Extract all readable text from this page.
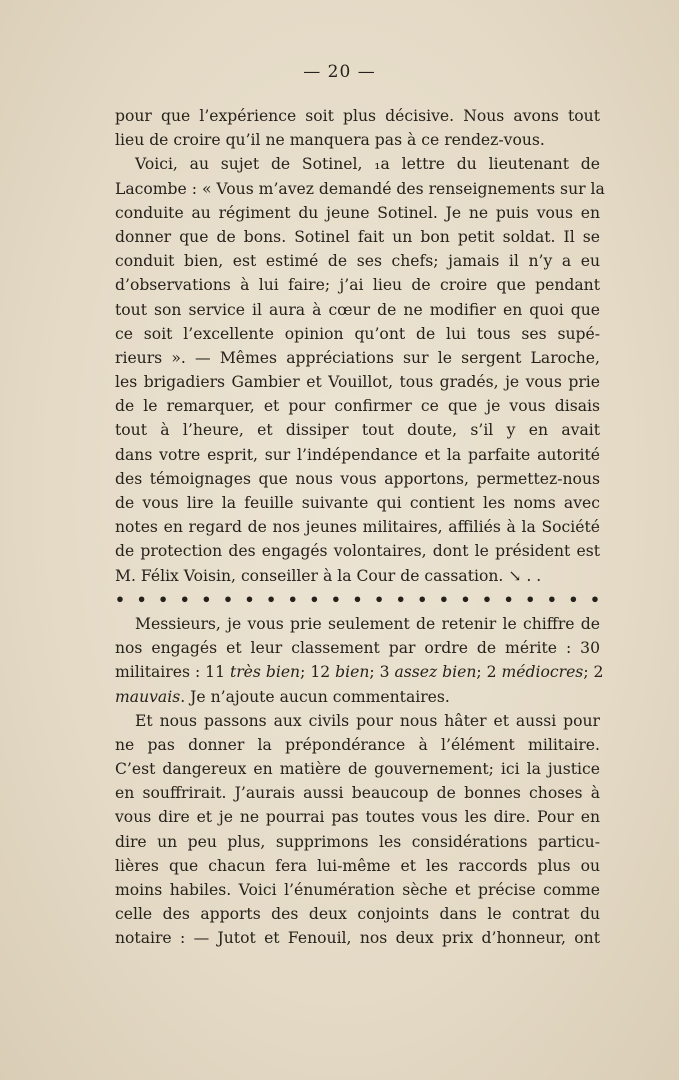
— 20 —
pour que l’expérience soit plus décisive. Nous avons tout
lieu de croire qu’il ne manquera pas à ce rendez-vous.
Voici, au sujet de Sotinel, ₁a lettre du lieutenant de
Lacombe : « Vous m’avez demandé des renseignements sur la
conduite au régiment du jeune Sotinel. Je ne puis vous en
donner que de bons. Sotinel fait un bon petit soldat. Il se
conduit bien, est estimé de ses chefs; jamais il n’y a eu
d’observations à lui faire; j’ai lieu de croire que pendant
tout son service il aura à cœur de ne modifier en quoi que
ce soit l’excellente opinion qu’ont de lui tous ses supé-
rieurs ». — Mêmes appréciations sur le sergent Laroche,
les brigadiers Gambier et Vouillot, tous gradés, je vous prie
de le remarquer, et pour confirmer ce que je vous disais
tout à l’heure, et dissiper tout doute, s’il y en avait
dans votre esprit, sur l’indépendance et la parfaite autorité
des témoignages que nous vous apportons, permettez-nous
de vous lire la feuille suivante qui contient les noms avec
notes en regard de nos jeunes militaires, affiliés à la Société
de protection des engagés volontaires, dont le président est
M. Félix Voisin, conseiller à la Cour de cassation. ↘ . .
• • • • • • • • • • • • • • • • • • • • • • •
Messieurs, je vous prie seulement de retenir le chiffre de
nos engagés et leur classement par ordre de mérite : 30
militaires : 11 très bien; 12 bien; 3 assez bien; 2 médiocres; 2
mauvais. Je n’ajoute aucun commentaires.
Et nous passons aux civils pour nous hâter et aussi pour
ne pas donner la prépondérance à l’élément militaire.
C’est dangereux en matière de gouvernement; ici la justice
en souffrirait. J’aurais aussi beaucoup de bonnes choses à
vous dire et je ne pourrai pas toutes vous les dire. Pour en
dire un peu plus, supprimons les considérations particu-
lières que chacun fera lui-même et les raccords plus ou
moins habiles. Voici l’énumération sèche et précise comme
celle des apports des deux conjoints dans le contrat du
notaire : — Jutot et Fenouil, nos deux prix d’honneur, ont
